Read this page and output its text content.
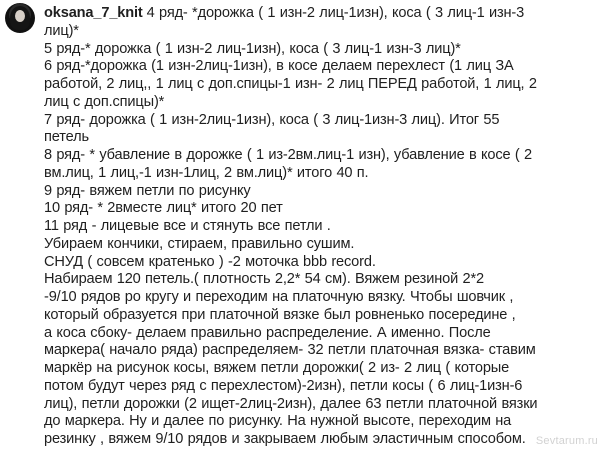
oksana_7_knit 4 ряд- *дорожка ( 1 изн-2 лиц-1изн), коса ( 3 лиц-1 изн-3
лиц)*
5 ряд-* дорожка ( 1 изн-2 лиц-1изн), коса ( 3 лиц-1 изн-3 лиц)*
6 ряд-*дорожка (1 изн-2лиц-1изн), в косе делаем перехлест (1 лиц ЗА
работой, 2 лиц,, 1 лиц с доп.спицы-1 изн- 2 лиц ПЕРЕД работой, 1 лиц, 2
лиц с доп.спицы)*
7 ряд- дорожка ( 1 изн-2лиц-1изн), коса ( 3 лиц-1изн-3 лиц). Итог 55
петель
8 ряд- * убавление в дорожке ( 1 из-2вм.лиц-1 изн), убавление в косе ( 2
вм.лиц, 1 лиц,-1 изн-1лиц, 2 вм.лиц)* итого 40 п.
9 ряд- вяжем петли по рисунку
10 ряд- * 2вместе лиц* итого 20 пет
11 ряд - лицевые все и стянуть все петли .
Убираем кончики, стираем, правильно сушим.
СНУД ( совсем кратенько ) -2 моточка bbb record.
Набираем 120 петель.( плотность 2,2* 54 см). Вяжем резиной 2*2
-9/10 рядов ро кругу и переходим на платочную вязку. Чтобы шовчик ,
который образуется при платочной вязке был ровненько посередине ,
а коса сбоку- делаем правильно распределение. А именно. После
маркера( начало ряда) распределяем- 32 петли платочная вязка- ставим
маркёр на рисунок косы, вяжем петли дорожки( 2 из- 2 лиц ( которые
потом будут через ряд с перехлестом)-2изн), петли косы ( 6 лиц-1изн-6
лиц), петли дорожки (2 ищет-2лиц-2изн), далее 63 петли платочной вязки
до маркера. Ну и далее по рисунку. На нужной высоте, переходим на
резинку , вяжем 9/10 рядов и закрываем любым эластичным способом. Sevtarum.ru
